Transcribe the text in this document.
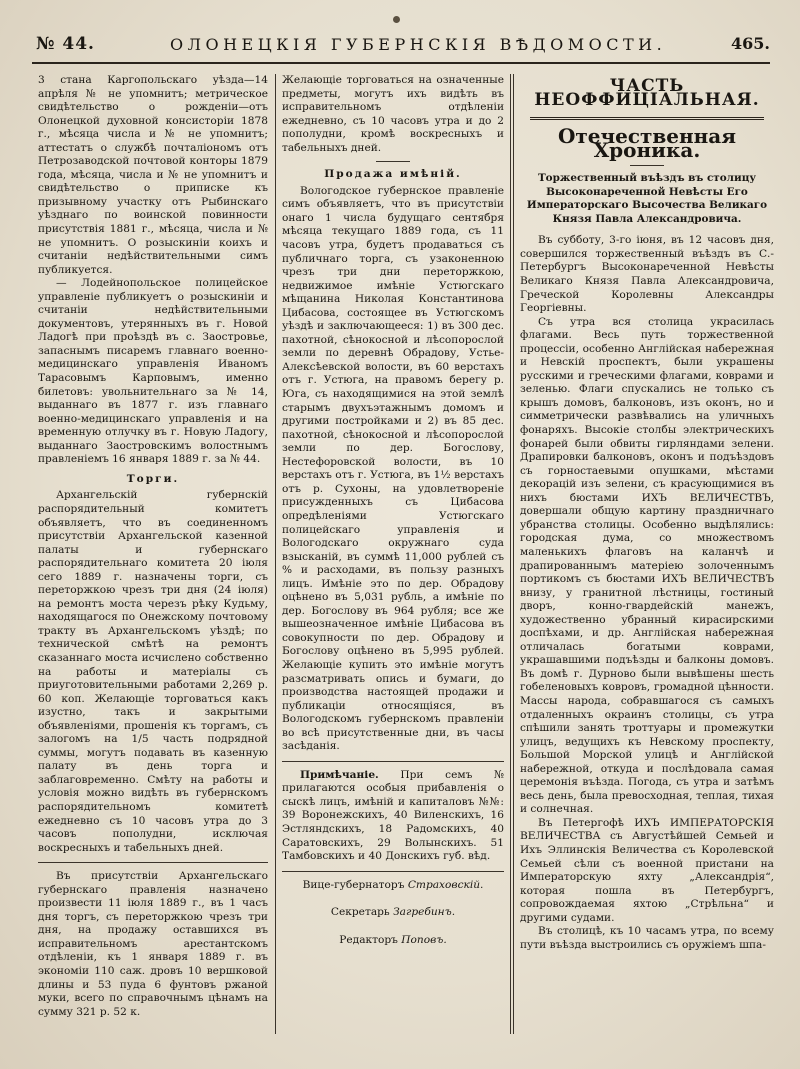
№ 44.	ОЛОНЕЦКІЯ ГУБЕРНСКІЯ ВѢДОМОСТИ.	465.

3 стана Каргопольскаго уѣзда—14 апрѣля № не упомнитъ; метрическое свидѣтельство о рожденіи—отъ Олонецкой духовной консисторіи 1878 г., мѣсяца числа и № не упомнитъ; аттестатъ о службѣ почталіономъ отъ Петрозаводской почтовой конторы 1879 года, мѣсяца, числа и № не упомнитъ и свидѣтельство о приписке къ призывному участку отъ Рыбинскаго уѣзднаго по воинской повинности присутствія 1881 г., мѣсяца, числа и № не упомнитъ. О розыскиніи коихъ и считаніи недѣйствительными симъ публикуется.

— Лодейнопольское полицейское управленіе публикуетъ о розыскиніи и считаніи недѣйствительными документовъ, утерянныхъ въ г. Новой Ладогѣ при проѣздѣ въ с. Заостровье, запаснымъ писаремъ главнаго военно-медицинскаго управленія Иваномъ Тарасовымъ Карповымъ, именно билетовъ: увольнительнаго за № 14, выданнаго въ 1877 г. изъ главнаго военно-медицинскаго управленія и на временную отлучку въ г. Новую Ладогу, выданнаго Заостровскимъ волостнымъ правленіемъ 16 января 1889 г. за № 44.

Торги.

Архангельскій губернскій распорядительный комитетъ объявляетъ, что въ соединенномъ присутствіи Архангельской казенной палаты и губернскаго распорядительнаго комитета 20 іюля сего 1889 г. назначены торги, съ переторжкою чрезъ три дня (24 іюля) на ремонтъ моста черезъ рѣку Кудьму, находящагося по Онежскому почтовому тракту въ Архангельскомъ уѣздѣ; по технической смѣтѣ на ремонтъ сказаннаго моста исчислено собственно на работы и матеріалы съ приуготовительными работами 2,269 р. 60 коп. Желающіе торговаться какъ изустно, такъ и закрытыми объявленіями, прошенія къ торгамъ, съ залогомъ на 1/5 часть подрядной суммы, могутъ подавать въ казенную палату въ день торга и заблаговременно. Смѣту на работы и условія можно видѣть въ губернскомъ распорядительномъ комитетѣ ежедневно съ 10 часовъ утра до 3 часовъ пополудни, исключая воскресныхъ и табельныхъ дней.

Въ присутствіи Архангельскаго губернскаго правленія назначено произвести 11 іюля 1889 г., въ 1 часъ дня торгъ, съ переторжкою чрезъ три дня, на продажу оставшихся въ исправительномъ арестантскомъ отдѣленіи, къ 1 января 1889 г. въ экономіи 110 саж. дровъ 10 вершковой длины и 53 пуда 6 фунтовъ ржаной муки, всего по справочнымъ цѣнамъ на сумму 321 р. 52 к.

Желающіе торговаться на означенные предметы, могутъ ихъ видѣть въ исправительномъ отдѣленіи ежедневно, съ 10 часовъ утра и до 2 пополудни, кромѣ воскресныхъ и табельныхъ дней.

Продажа имѣній.

Вологодское губернское правленіе симъ объявляетъ, что въ присутствіи онаго 1 числа будущаго сентября мѣсяца текущаго 1889 года, съ 11 часовъ утра, будетъ продаваться съ публичнаго торга, съ узаконенною чрезъ три дни переторжкою, недвижимое имѣніе Устюгскаго мѣщанина Николая Константинова Цибасова, состоящее въ Устюгскомъ уѣздѣ и заключающееся: 1) въ 300 дес. пахотной, сѣнокосной и лѣсопорослой земли по деревнѣ Обрадову, Устье-Алексѣевской волости, въ 60 верстахъ отъ г. Устюга, на правомъ берегу р. Юга, съ находящимися на этой землѣ старымъ двухъэтажнымъ домомъ и другими постройками и 2) въ 85 дес. пахотной, сѣнокосной и лѣсопорослой земли по дер. Богослову, Нестефоровской волости, въ 10 верстахъ отъ г. Устюга, въ 1½ верстахъ отъ р. Сухоны, на удовлетвореніе присужденныхъ съ Цибасова опредѣленіями Устюгскаго полицейскаго управленія и Вологодскаго окружнаго суда взысканій, въ суммѣ 11,000 рублей съ % и расходами, въ пользу разныхъ лицъ. Имѣніе это по дер. Обрадову оцѣнено въ 5,031 рубль, а имѣніе по дер. Богослову въ 964 рубля; все же вышеозначенное имѣніе Цибасова въ совокупности по дер. Обрадову и Богослову оцѣнено въ 5,995 рублей. Желающіе купить это имѣніе могутъ разсматривать опись и бумаги, до производства настоящей продажи и публикаціи относящіяся, въ Вологодскомъ губернскомъ правленіи во всѣ присутственные дни, въ часы засѣданія.

Примѣчаніе. При семъ № прилагаются особыя прибавленія о сыскѣ лицъ, имѣній и капиталовъ №№: 39 Воронежскихъ, 40 Виленскихъ, 16 Эстляндскихъ, 18 Радомскихъ, 40 Саратовскихъ, 29 Волынскихъ. 51 Тамбовскихъ и 40 Донскихъ губ. вѣд.

Вице-губернаторъ Страховскій.
Секретарь Загребинъ.
Редакторъ Поповъ.
ЧАСТЬ НЕОФФИЦІАЛЬНАЯ.
Отечественная Хроника.
Торжественный въѣздъ въ столицу Высоконареченной Невѣсты Его Императорскаго Высочества Великаго Князя Павла Александровича.

Въ субботу, 3-го іюня, въ 12 часовъ дня, совершился торжественный въѣздъ въ С.-Петербургъ Высоконареченной Невѣсты Великаго Князя Павла Александровича, Греческой Королевны Александры Георгіевны.

Съ утра вся столица украсилась флагами. Весь путь торжественной процессіи, особенно Англійская набережная и Невскій проспектъ, были украшены русскими и греческими флагами, коврами и зеленью. Флаги спускались не только съ крышъ домовъ, балконовъ, изъ оконъ, но и симметрически развѣвались на уличныхъ фонаряхъ. Высокіе столбы электрическихъ фонарей были обвиты гирляндами зелени. Драпировки балконовъ, оконъ и подъѣздовъ съ горностаевыми опушками, мѣстами декорацій изъ зелени, съ красующимися въ нихъ бюстами ИХЪ ВЕЛИЧЕСТВЪ, довершали общую картину праздничнаго убранства столицы. Особенно выдѣлялись: городская дума, со множествомъ маленькихъ флаговъ на каланчѣ и драпированнымъ матеріею золоченнымъ портикомъ съ бюстами ИХЪ ВЕЛИЧЕСТВЪ внизу, у гранитной лѣстницы, гостиный дворъ, конно-гвардейскій манежъ, художественно убранный кирасирскими доспѣхами, и др. Англійская набережная отличалась богатыми коврами, украшавшими подъѣзды и балконы домовъ. Въ домѣ г. Дурново были вывѣшены шесть гобеленовыхъ ковровъ, громадной цѣнности. Массы народа, собравшагося съ самыхъ отдаленныхъ окраинъ столицы, съ утра спѣшили занять троттуары и промежутки улицъ, ведущихъ къ Невскому проспекту, Большой Морской улицѣ и Англійской набережной, откуда и послѣдовала самая церемонія въѣзда. Погода, съ утра и затѣмъ весь день, была превосходная, теплая, тихая и солнечная.

Въ Петергофѣ ИХЪ ИМПЕРАТОРСКІЯ ВЕЛИЧЕСТВА съ Августѣйшей Семьей и Ихъ Эллинскія Величества съ Королевской Семьей сѣли съ военной пристани на Императорскую яхту „Александрія“, которая пошла въ Петербургъ, сопровождаемая яхтою „Стрѣльна“ и другими судами.

Въ столицѣ, къ 10 часамъ утра, по всему пути въѣзда выстроились съ оружіемъ шпа-
